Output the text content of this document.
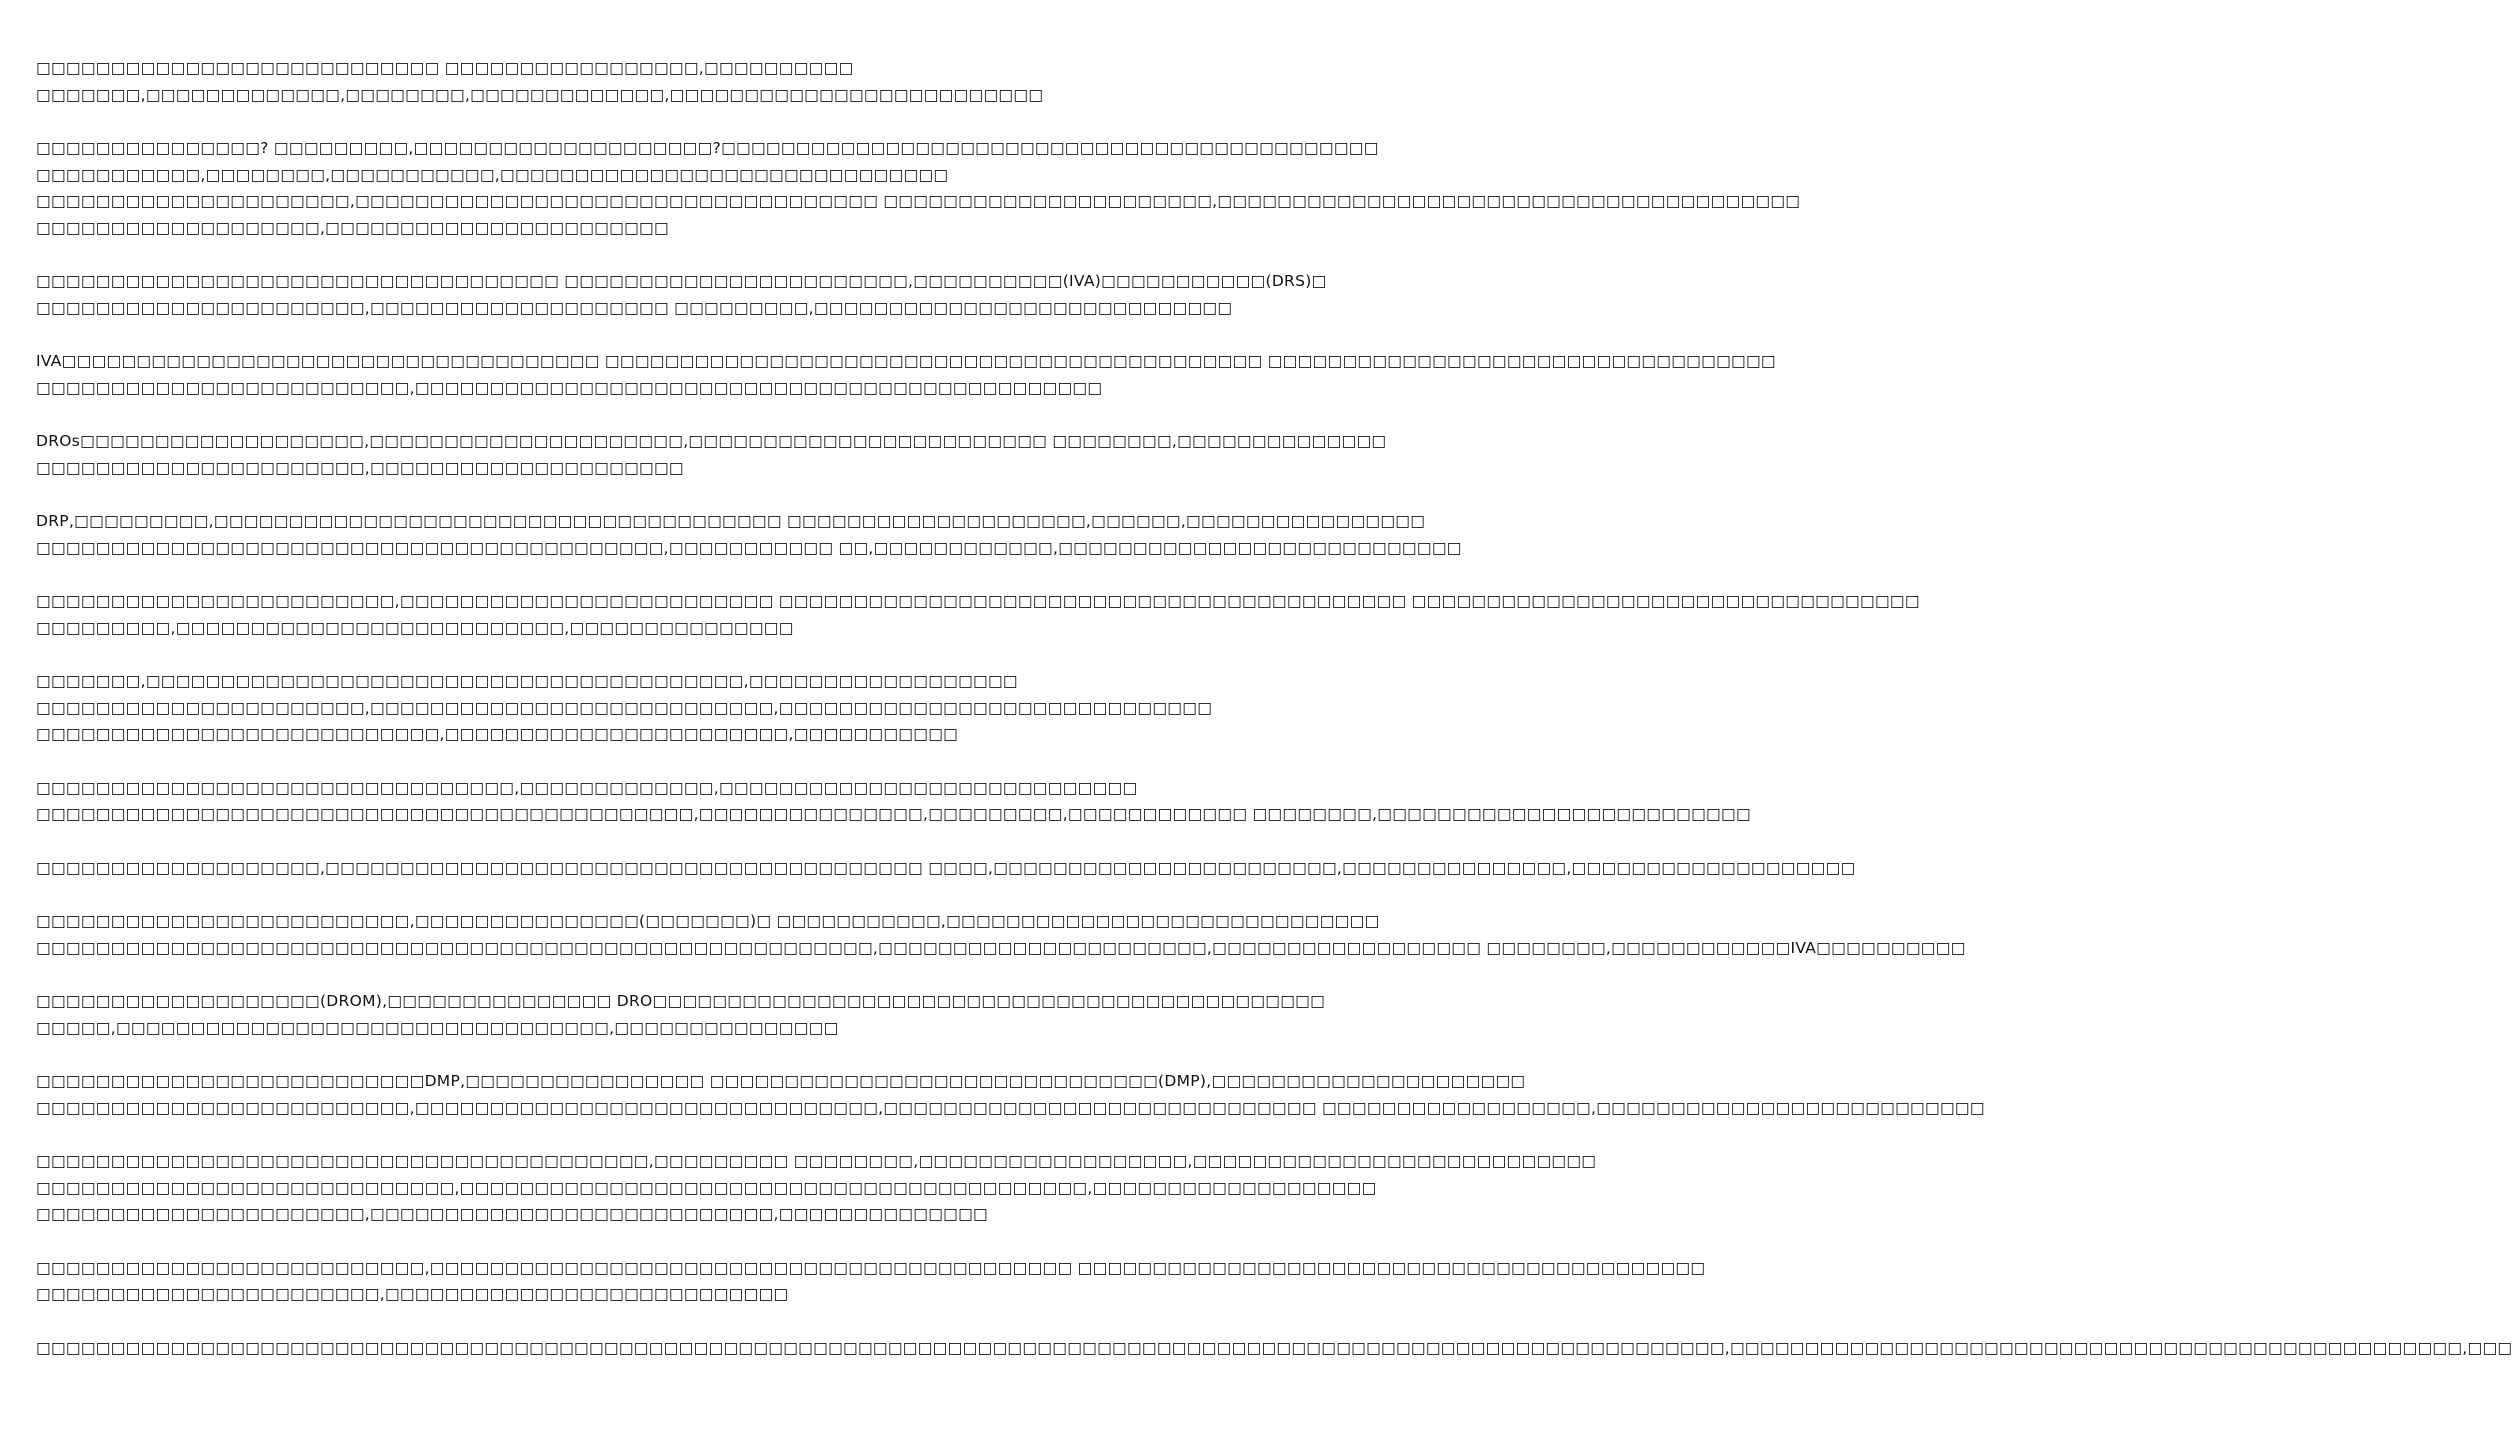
□□□□□□□□□□□□□□□□□□□□□□□□□□□ □□□□□□□□□□□□□□□□□,□□□□□□□□□□
□□□□□□□,□□□□□□□□□□□□□,□□□□□□□□,□□□□□□□□□□□□□,□□□□□□□□□□□□□□□□□□□□□□□□□
□□□□□□□□□□□□□□□? □□□□□□□□□,□□□□□□□□□□□□□□□□□□□□?□□□□□□□□□□□□□□□□□□□□□□□□□□□□□□□□□□□□□□□□□□□□
□□□□□□□□□□□,□□□□□□□□,□□□□□□□□□□□,□□□□□□□□□□□□□□□□□□□□□□□□□□□□□□
□□□□□□□□□□□□□□□□□□□□□,□□□□□□□□□□□□□□□□□□□□□□□□□□□□□□□□□□□ □□□□□□□□□□□□□□□□□□□□□□,□□□□□□□□□□□□□□□□□□□□□□□□□□□□□□□□□□□□□□□
□□□□□□□□□□□□□□□□□□□,□□□□□□□□□□□□□□□□□□□□□□□
□□□□□□□□□□□□□□□□□□□□□□□□□□□□□□□□□□□ □□□□□□□□□□□□□□□□□□□□□□□,□□□□□□□□□□(IVA)□□□□□□□□□□□(DRS)□
□□□□□□□□□□□□□□□□□□□□□□,□□□□□□□□□□□□□□□□□□□□ □□□□□□□□□,□□□□□□□□□□□□□□□□□□□□□□□□□□□□
IVA□□□□□□□□□□□□□□□□□□□□□□□□□□□□□□□□□□□□ □□□□□□□□□□□□□□□□□□□□□□□□□□□□□□□□□□□□□□□□□□□□ □□□□□□□□□□□□□□□□□□□□□□□□□□□□□□□□□□
□□□□□□□□□□□□□□□□□□□□□□□□□,□□□□□□□□□□□□□□□□□□□□□□□□□□□□□□□□□□□□□□□□□□□□□□
DROs□□□□□□□□□□□□□□□□□□□,□□□□□□□□□□□□□□□□□□□□□,□□□□□□□□□□□□□□□□□□□□□□□□ □□□□□□□□,□□□□□□□□□□□□□□
□□□□□□□□□□□□□□□□□□□□□□,□□□□□□□□□□□□□□□□□□□□□
DRP,□□□□□□□□□,□□□□□□□□□□□□□□□□□□□□□□□□□□□□□□□□□□□□□□ □□□□□□□□□□□□□□□□□□□□,□□□□□□,□□□□□□□□□□□□□□□□
□□□□□□□□□□□□□□□□□□□□□□□□□□□□□□□□□□□□□□□□□□,□□□□□□□□□□□ □□,□□□□□□□□□□□□,□□□□□□□□□□□□□□□□□□□□□□□□□□□
□□□□□□□□□□□□□□□□□□□□□□□□,□□□□□□□□□□□□□□□□□□□□□□□□□ □□□□□□□□□□□□□□□□□□□□□□□□□□□□□□□□□□□□□□□□□□ □□□□□□□□□□□□□□□□□□□□□□□□□□□□□□□□□□
□□□□□□□□□,□□□□□□□□□□□□□□□□□□□□□□□□□□,□□□□□□□□□□□□□□□
□□□□□□□,□□□□□□□□□□□□□□□□□□□□□□□□□□□□□□□□□□□□□□□□,□□□□□□□□□□□□□□□□□□
□□□□□□□□□□□□□□□□□□□□□□,□□□□□□□□□□□□□□□□□□□□□□□□□□□,□□□□□□□□□□□□□□□□□□□□□□□□□□□□□
□□□□□□□□□□□□□□□□□□□□□□□□□□□,□□□□□□□□□□□□□□□□□□□□□□□,□□□□□□□□□□□
□□□□□□□□□□□□□□□□□□□□□□□□□□□□□□□□,□□□□□□□□□□□□□,□□□□□□□□□□□□□□□□□□□□□□□□□□□□
□□□□□□□□□□□□□□□□□□□□□□□□□□□□□□□□□□□□□□□□□□□□,□□□□□□□□□□□□□□□,□□□□□□□□□,□□□□□□□□□□□□ □□□□□□□□,□□□□□□□□□□□□□□□□□□□□□□□□□
□□□□□□□□□□□□□□□□□□□,□□□□□□□□□□□□□□□□□□□□□□□□□□□□□□□□□□□□□□□□ □□□□,□□□□□□□□□□□□□□□□□□□□□□□,□□□□□□□□□□□□□□□,□□□□□□□□□□□□□□□□□□□
□□□□□□□□□□□□□□□□□□□□□□□□□,□□□□□□□□□□□□□□□(□□□□□□□)□ □□□□□□□□□□□,□□□□□□□□□□□□□□□□□□□□□□□□□□□□□
□□□□□□□□□□□□□□□□□□□□□□□□□□□□□□□□□□□□□□□□□□□□□□□□□□□□□□□□,□□□□□□□□□□□□□□□□□□□□□□,□□□□□□□□□□□□□□□□□□ □□□□□□□□,□□□□□□□□□□□□IVA□□□□□□□□□□
□□□□□□□□□□□□□□□□□□□(DROM),□□□□□□□□□□□□□□□ DRO□□□□□□□□□□□□□□□□□□□□□□□□□□□□□□□□□□□□□□□□□□□□□
□□□□□,□□□□□□□□□□□□□□□□□□□□□□□□□□□□□□□□□,□□□□□□□□□□□□□□□
□□□□□□□□□□□□□□□□□□□□□□□□□□DMP,□□□□□□□□□□□□□□□□ □□□□□□□□□□□□□□□□□□□□□□□□□□□□□□(DMP),□□□□□□□□□□□□□□□□□□□□□
□□□□□□□□□□□□□□□□□□□□□□□□□,□□□□□□□□□□□□□□□□□□□□□□□□□□□□□□□,□□□□□□□□□□□□□□□□□□□□□□□□□□□□□ □□□□□□□□□□□□□□□□□□,□□□□□□□□□□□□□□□□□□□□□□□□□□
□□□□□□□□□□□□□□□□□□□□□□□□□□□□□□□□□□□□□□□□□,□□□□□□□□□ □□□□□□□□,□□□□□□□□□□□□□□□□□□,□□□□□□□□□□□□□□□□□□□□□□□□□□□
□□□□□□□□□□□□□□□□□□□□□□□□□□□□,□□□□□□□□□□□□□□□□□□□□□□□□□□□□□□□□□□□□□□□□□□,□□□□□□□□□□□□□□□□□□□
□□□□□□□□□□□□□□□□□□□□□□,□□□□□□□□□□□□□□□□□□□□□□□□□□□,□□□□□□□□□□□□□□
□□□□□□□□□□□□□□□□□□□□□□□□□□,□□□□□□□□□□□□□□□□□□□□□□□□□□□□□□□□□□□□□□□□□□□ □□□□□□□□□□□□□□□□□□□□□□□□□□□□□□□□□□□□□□□□□□
□□□□□□□□□□□□□□□□□□□□□□□,□□□□□□□□□□□□□□□□□□□□□□□□□□□
□□□□□□□□□□□□□□□□□□□□□□□□□□□□□□□□□□□□□□□□□□□□□□□□□□□□□□□□□□□□□□□□□□□□□□□□□□□□□□□□□□□□□□□□□□□□□□□□□□□□□□□□□□□□□□□□□,□□□□□□□□□□□□□□□□□□□□□□□□□□□□□□□□□□□□□□□□□□□□□□□□□,□□□
